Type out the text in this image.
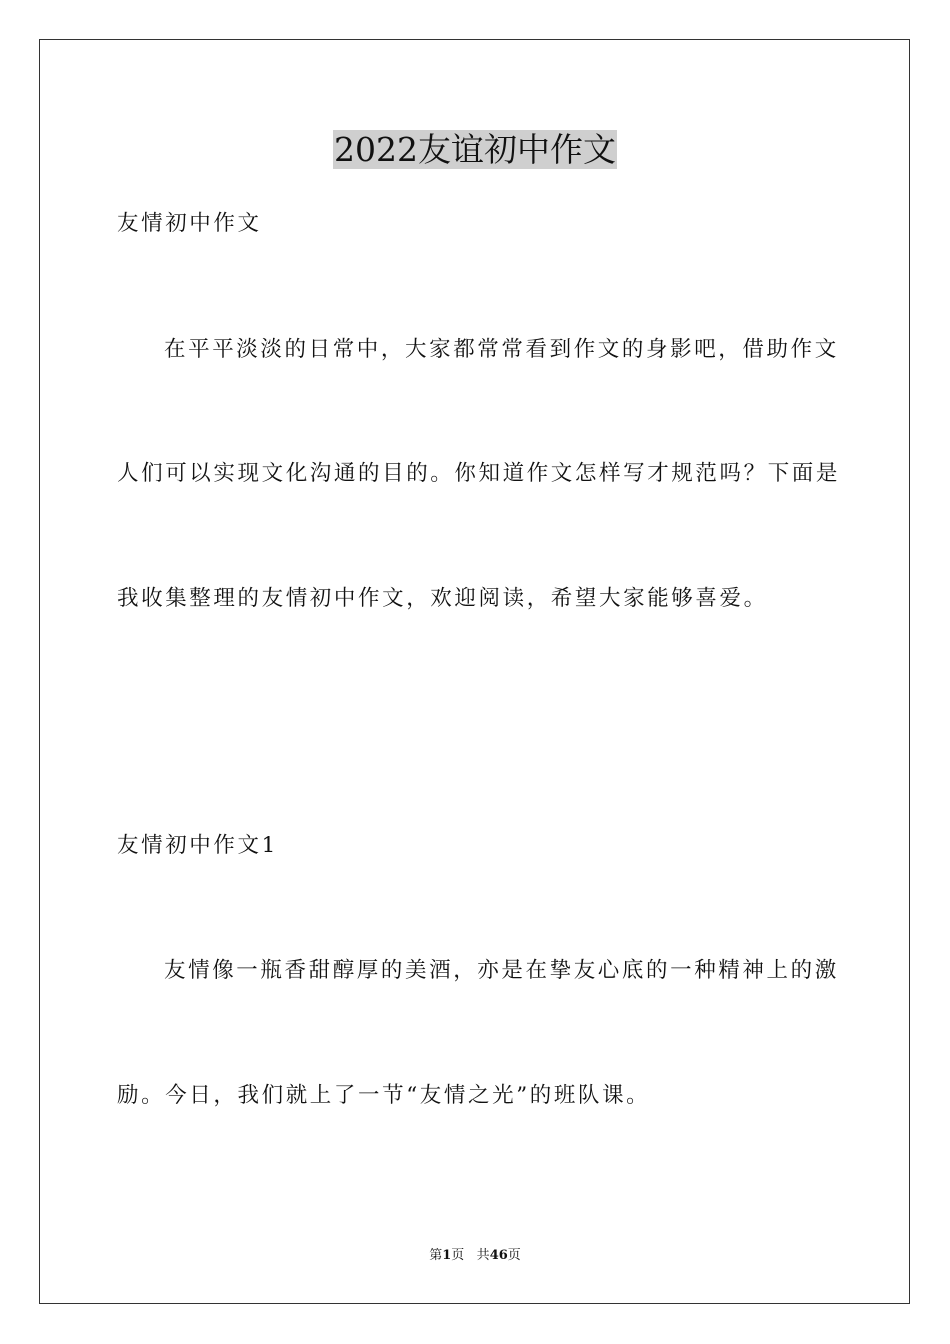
2022友谊初中作文
友情初中作文
在平平淡淡的日常中，大家都常常看到作文的身影吧，借助作文
人们可以实现文化沟通的目的。你知道作文怎样写才规范吗？下面是
我收集整理的友情初中作文，欢迎阅读，希望大家能够喜爱。
友情初中作文1
友情像一瓶香甜醇厚的美酒，亦是在挚友心底的一种精神上的激
励。今日，我们就上了一节“友情之光”的班队课。
第1页 共46页
